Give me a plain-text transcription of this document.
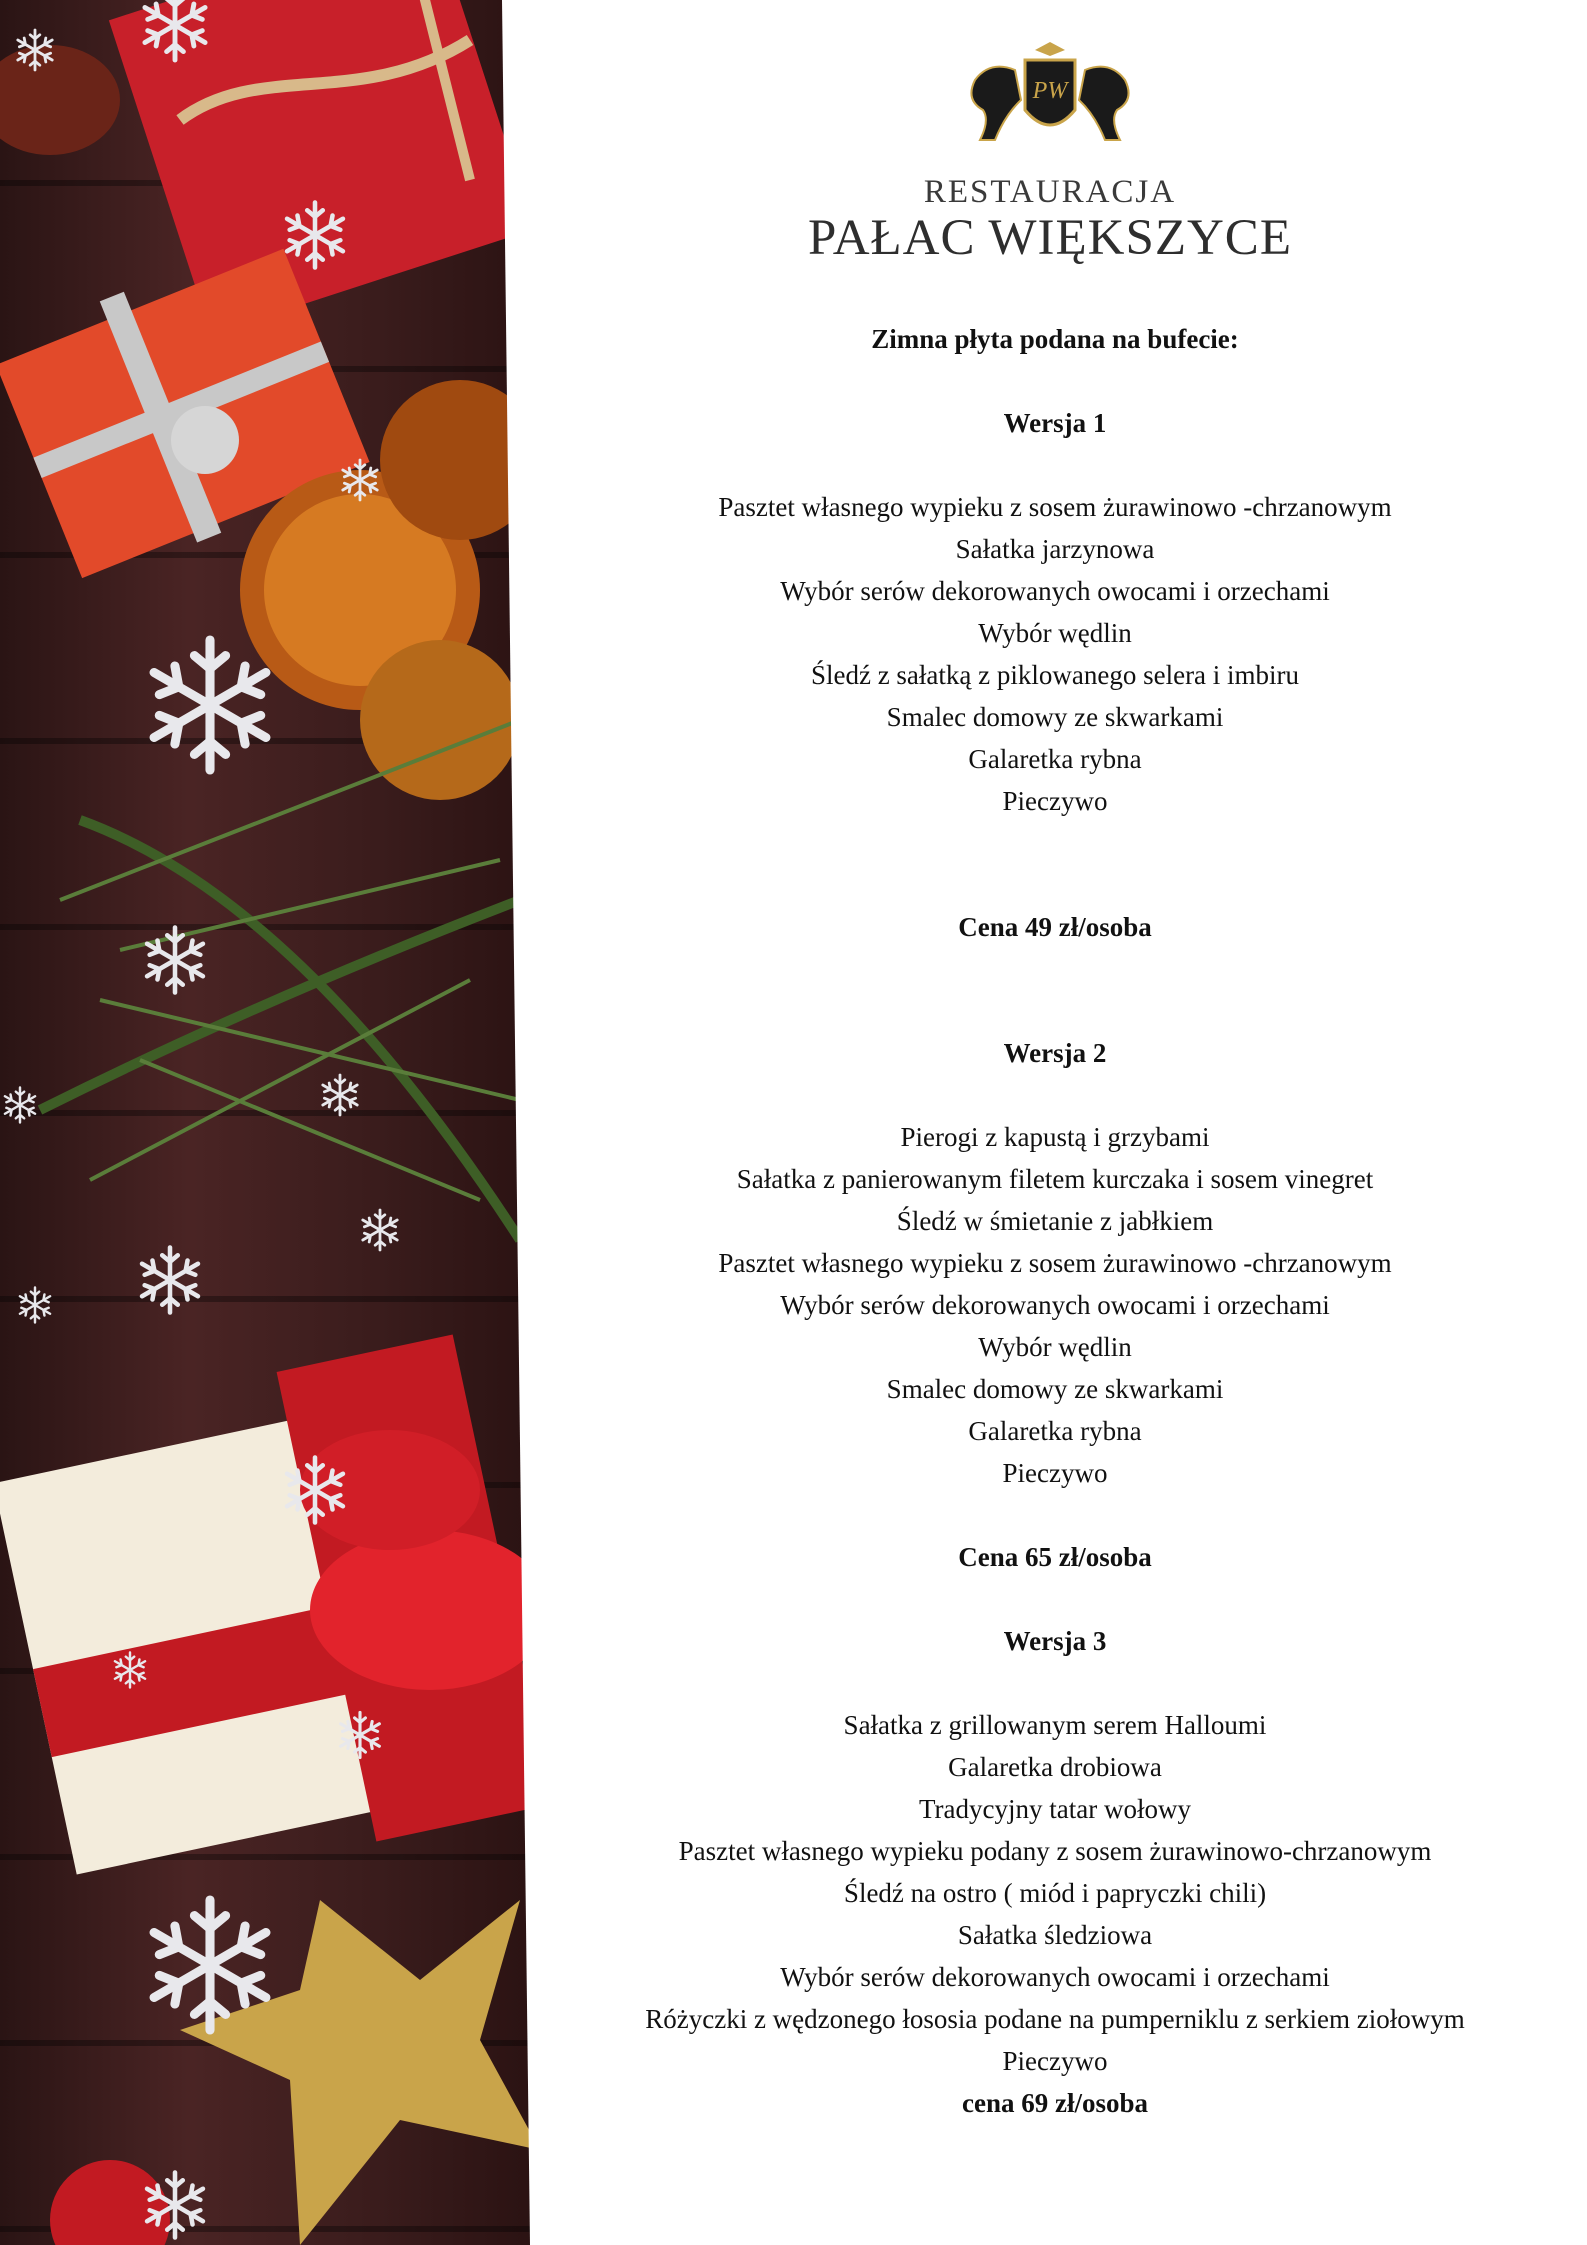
PW
RESTAURACJA
PAŁAC WIĘKSZYCE
Zimna płyta podana na bufecie:
Wersja 1
Pasztet własnego wypieku z sosem żurawinowo -chrzanowym
Sałatka jarzynowa
Wybór serów dekorowanych owocami i orzechami
Wybór wędlin
Śledź z sałatką z piklowanego selera i imbiru
Smalec domowy ze skwarkami
Galaretka rybna
Pieczywo

Cena 49 zł/osoba

Wersja 2
Pierogi z kapustą i grzybami
Sałatka z panierowanym filetem kurczaka i sosem vinegret
Śledź w śmietanie z jabłkiem
Pasztet własnego wypieku z sosem żurawinowo -chrzanowym
Wybór serów dekorowanych owocami i orzechami
Wybór wędlin
Smalec domowy ze skwarkami
Galaretka rybna
Pieczywo

Cena 65 zł/osoba

Wersja 3
Sałatka z grillowanym serem Halloumi
Galaretka drobiowa
Tradycyjny tatar wołowy
Pasztet własnego wypieku podany z sosem żurawinowo-chrzanowym
Śledź na ostro ( miód i papryczki chili)
Sałatka śledziowa
Wybór serów dekorowanych owocami i orzechami
Różyczki z wędzonego łososia podane na pumperniklu z serkiem ziołowym
Pieczywo

cena 69 zł/osoba
